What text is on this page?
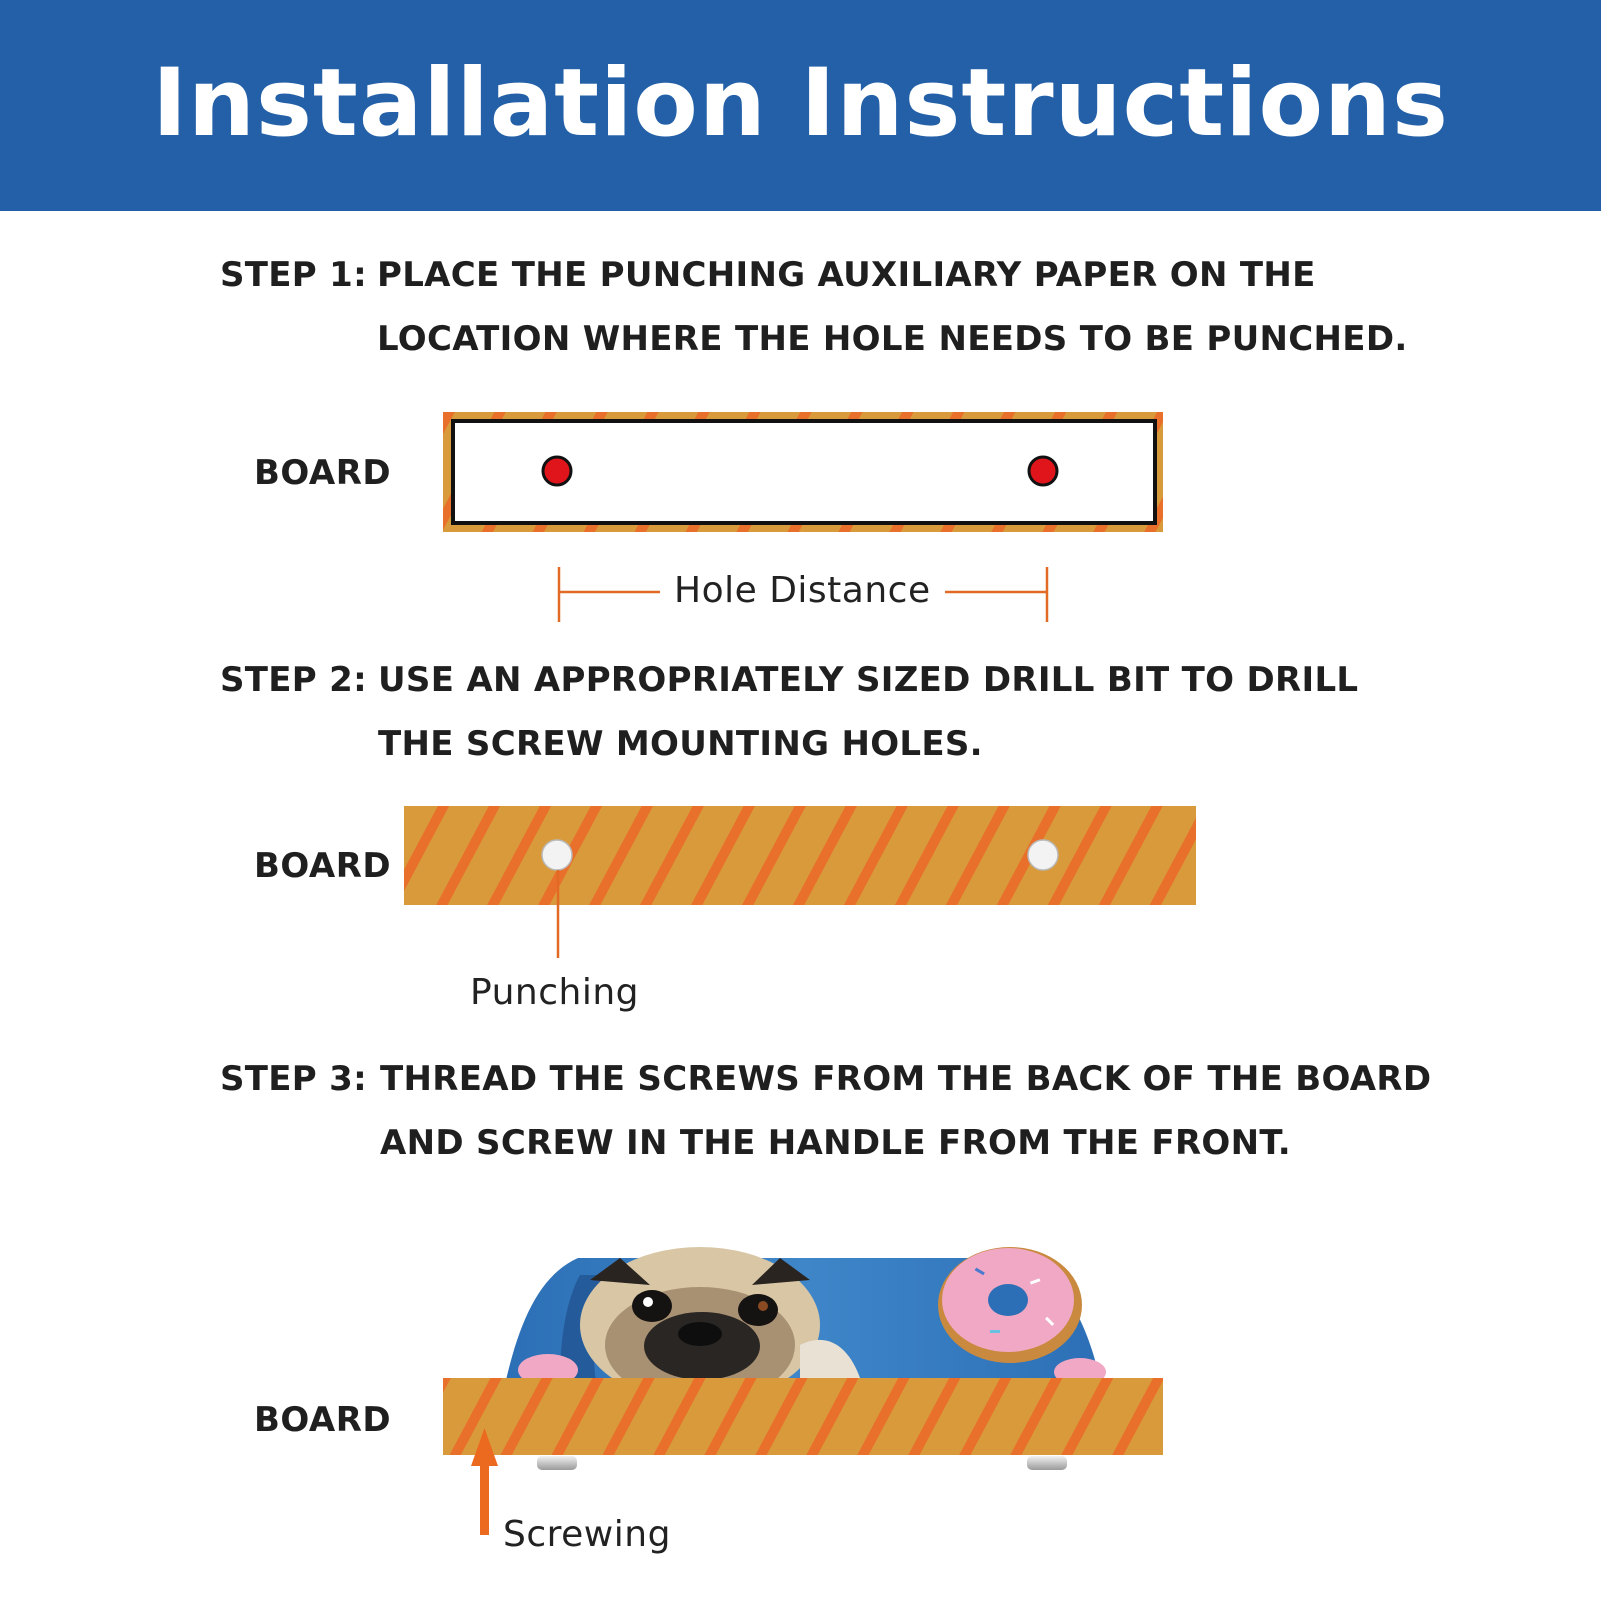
Installation Instructions
STEP 1: PLACE THE PUNCHING AUXILIARY PAPER ON THE
LOCATION WHERE THE HOLE NEEDS TO BE PUNCHED.
BOARD
STEP 2: USE AN APPROPRIATELY SIZED DRILL BIT TO DRILL
THE SCREW MOUNTING HOLES.
BOARD
STEP 3: THREAD THE SCREWS FROM THE BACK OF THE BOARD
AND SCREW IN THE HANDLE FROM THE FRONT.
BOARD
Hole Distance
Punching
Screwing
